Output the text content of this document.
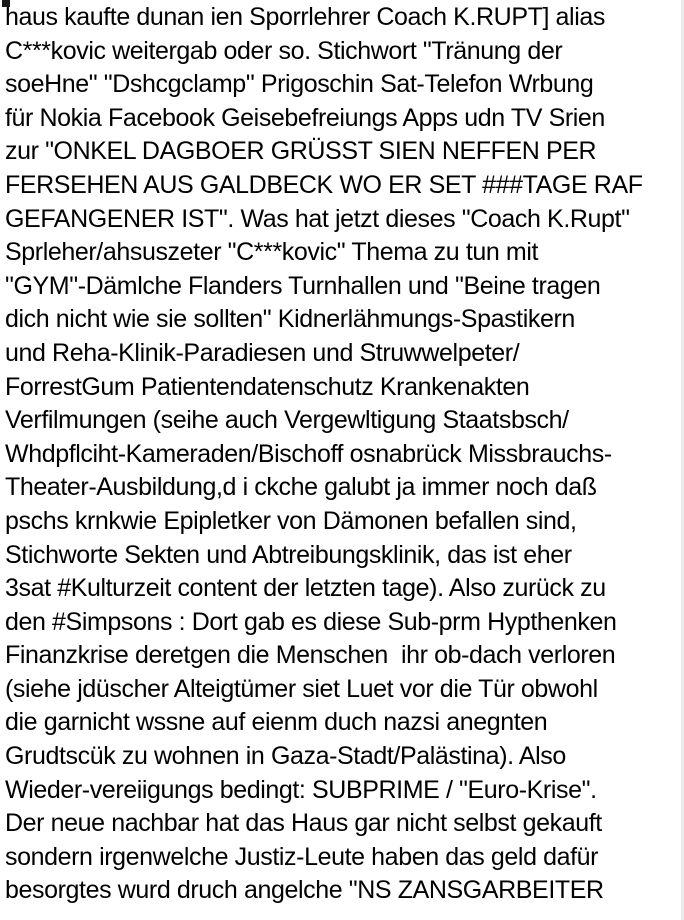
haus kaufte dunan ien Sporrlehrer Coach K.RUPT] alias
C***kovic weitergab oder so. Stichwort "Tränung der
soeHne" "Dshcgclamp" Prigoschin Sat-Telefon Wrbung
für Nokia Facebook Geisebefreiungs Apps udn TV Srien
zur "ONKEL DAGBOER GRÜSST SIEN NEFFEN PER
FERSEHEN AUS GALDBECK WO ER SET ###TAGE RAF
GEFANGENER IST". Was hat jetzt dieses "Coach K.Rupt"
Sprleher/ahsuszeter "C***kovic" Thema zu tun mit
"GYM"-Dämlche Flanders Turnhallen und "Beine tragen
dich nicht wie sie sollten" Kidnerlähmungs-Spastikern
und Reha-Klinik-Paradiesen und Struwwelpeter/
ForrestGum Patientendatenschutz Krankenakten
Verfilmungen (seihe auch Vergewltigung Staatsbsch/
Whdpflciht-Kameraden/Bischoff osnabrück Missbrauchs-
Theater-Ausbildung,d i ckche galubt ja immer noch daß
pschs krnkwie Epipletker von Dämonen befallen sind,
Stichworte Sekten und Abtreibungsklinik, das ist eher
3sat #Kulturzeit content der letzten tage). Also zurück zu
den #Simpsons : Dort gab es diese Sub-prm Hypthenken
Finanzkrise deretgen die Menschen  ihr ob-dach verloren
(siehe jdüscher Alteigtümer siet Luet vor die Tür obwohl
die garnicht wssne auf eienm duch nazsi anegnten
Grudtscük zu wohnen in Gaza-Stadt/Palästina). Also
Wieder-vereiigungs bedingt: SUBPRIME / "Euro-Krise".
Der neue nachbar hat das Haus gar nicht selbst gekauft
sondern irgenwelche Justiz-Leute haben das geld dafür
besorgtes wurd druch angelche "NS ZANSGARBEITER
